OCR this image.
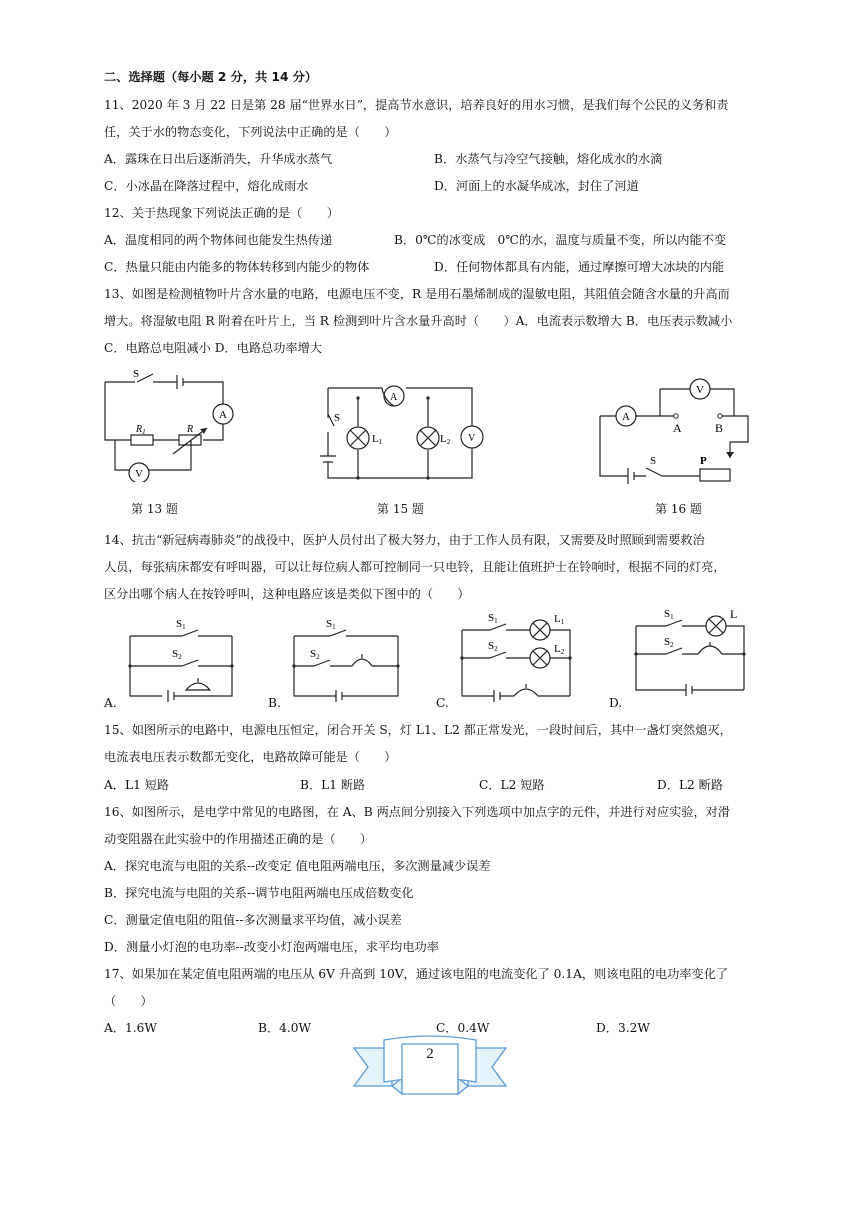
二、选择题（每小题 2 分，共 14 分）
11、2020 年 3 月 22 日是第 28 届“世界水日”，提高节水意识，培养良好的用水习惯，是我们每个公民的义务和责
任，关于水的物态变化，下列说法中正确的是（　　）
A．露珠在日出后逐渐消失，升华成水蒸气	B．水蒸气与冷空气接触，熔化成水的水滴
C．小冰晶在降落过程中，熔化成雨水	D．河面上的水凝华成冰，封住了河道
12、关于热现象下列说法正确的是（　　）
A．温度相同的两个物体间也能发生热传递	B．0℃的冰变成　0℃的水，温度与质量不变，所以内能不变
C．热量只能由内能多的物体转移到内能少的物体	D．任何物体都具有内能，通过摩擦可增大冰块的内能
13、如图是检测植物叶片含水量的电路，电源电压不变，R 是用石墨烯制成的湿敏电阻，其阻值会随含水量的升高而
增大。将湿敏电阻 R 附着在叶片上，当 R 检测到叶片含水量升高时（　　）A．电流表示数增大 B．电压表示数减小
C．电路总电阻减小 D．电路总功率增大
S
A
V
$R_1$	R
第 13 题
S
A
V
L1	L2
第 15 题
V
A
A	B
S	P
第 16 题
14、抗击“新冠病毒肺炎”的战役中，医护人员付出了极大努力，由于工作人员有限，又需要及时照顾到需要救治
人员，每张病床都安有呼叫器，可以让每位病人都可控制同一只电铃，且能让值班护士在铃响时，根据不同的灯亮，
区分出哪个病人在按铃呼叫，这种电路应该是类似下图中的（　　）
A.
S1
S2
B.
S1
S2
C.
S1
S2
L1
L2
D.
S1
S2
L
15、如图所示的电路中，电源电压恒定，闭合开关 S，灯 L1、L2 都正常发光，一段时间后，其中一盏灯突然熄灭，
电流表电压表示数都无变化，电路故障可能是（　　）
A．L1 短路	B．L1 断路	C．L2 短路	D．L2 断路
16、如图所示，是电学中常见的电路图，在 A、B 两点间分别接入下列选项中加点字的元件，并进行对应实验，对滑
动变阻器在此实验中的作用描述正确的是（　　）
A．探究电流与电阻的关系--改变定 值电阻两端电压，多次测量减少误差
B．探究电流与电阻的关系--调节电阻两端电压成倍数变化
C．测量定值电阻的阻值--多次测量求平均值，减小误差
D．测量小灯泡的电功率--改变小灯泡两端电压，求平均电功率
17、如果加在某定值电阻两端的电压从 6V 升高到 10V，通过该电阻的电流变化了 0.1A，则该电阻的电功率变化了
（　　）
A．1.6W	B．4.0W	C．0.4W	D．3.2W
2
